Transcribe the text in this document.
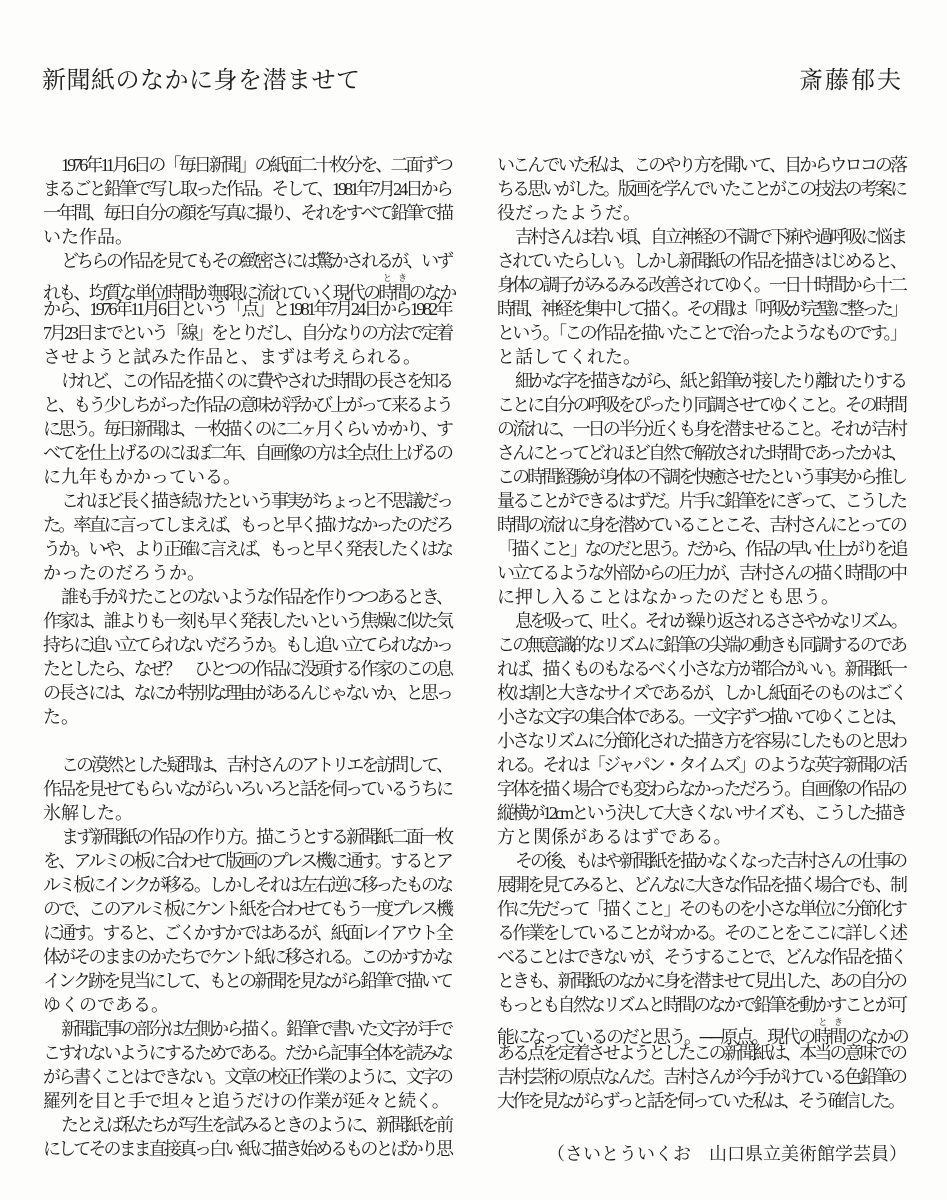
新聞紙のなかに身を潜ませて	斎藤郁夫
1976年11月6日の「毎日新聞」の紙面二十枚分を、二面ずつ
まるごと鉛筆で写し取った作品。そして、1981年7月24日から
一年間、毎日自分の顔を写真に撮り、それをすべて鉛筆で描
いた作品。
どちらの作品を見てもその緻密さには驚かされるが、いず
れも、均質な単位時間が無限に流れていく現代の時間ときのなか
から、1976年11月6日という「点」と1981年7月24日から1982年
7月23日までという「線」をとりだし、自分なりの方法で定着
させようと試みた作品と、まずは考えられる。
けれど、この作品を描くのに費やされた時間の長さを知る
と、もう少しちがった作品の意味が浮かび上がって来るよう
に思う。毎日新聞は、一枚描くのに二ヶ月くらいかかり、す
べてを仕上げるのにほぼ二年、自画像の方は全点仕上げるの
に九年もかかっている。
これほど長く描き続けたという事実がちょっと不思議だっ
た。率直に言ってしまえば、もっと早く描けなかったのだろ
うか。いや、より正確に言えば、もっと早く発表したくはな
かったのだろうか。
誰も手がけたことのないような作品を作りつつあるとき、
作家は、誰よりも一刻も早く発表したいという焦燥に似た気
持ちに追い立てられないだろうか。もし追い立てられなかっ
たとしたら、なぜ？　ひとつの作品に没頭する作家のこの息
の長さには、なにか特別な理由があるんじゃないか、と思っ
た。
この漠然とした疑問は、吉村さんのアトリエを訪問して、
作品を見せてもらいながらいろいろと話を伺っているうちに
氷解した。
まず新聞紙の作品の作り方。描こうとする新聞紙二面一枚
を、アルミの板に合わせて版画のプレス機に通す。するとア
ルミ板にインクが移る。しかしそれは左右逆に移ったものな
ので、このアルミ板にケント紙を合わせてもう一度プレス機
に通す。すると、ごくかすかではあるが、紙面レイアウト全
体がそのままのかたちでケント紙に移される。このかすかな
インク跡を見当にして、もとの新聞を見ながら鉛筆で描いて
ゆくのである。
新聞記事の部分は左側から描く。鉛筆で書いた文字が手で
こすれないようにするためである。だから記事全体を読みな
がら書くことはできない。文章の校正作業のように、文字の
羅列を目と手で坦々と追うだけの作業が延々と続く。
たとえば私たちが写生を試みるときのように、新聞紙を前
にしてそのまま直接真っ白い紙に描き始めるものとばかり思
いこんでいた私は、このやり方を聞いて、目からウロコの落
ちる思いがした。版画を学んでいたことがこの技法の考案に
役だったようだ。
吉村さんは若い頃、自立神経の不調で下痢や過呼吸に悩ま
されていたらしい。しかし新聞紙の作品を描きはじめると、
身体の調子がみるみる改善されてゆく。一日十時間から十二
時間、神経を集中して描く。その間は「呼吸が完璧に整った」
という。「この作品を描いたことで治ったようなものです。」
と話してくれた。
細かな字を描きながら、紙と鉛筆が接したり離れたりする
ことに自分の呼吸をぴったり同調させてゆくこと。その時間
の流れに、一日の半分近くも身を潜ませること。それが吉村
さんにとってどれほど自然で解放された時間であったかは、
この時間経験が身体の不調を快癒させたという事実から推し
量ることができるはずだ。片手に鉛筆をにぎって、こうした
時間の流れに身を潜めていることこそ、吉村さんにとっての
「描くこと」なのだと思う。だから、作品の早い仕上がりを追
い立てるような外部からの圧力が、吉村さんの描く時間の中
に押し入ることはなかったのだとも思う。
息を吸って、吐く。それが繰り返されるささやかなリズム。
この無意識的なリズムに鉛筆の尖端の動きも同調するのであ
れば、描くものもなるべく小さな方が都合がいい。新聞紙一
枚は割と大きなサイズであるが、しかし紙面そのものはごく
小さな文字の集合体である。一文字ずつ描いてゆくことは、
小さなリズムに分節化された描き方を容易にしたものと思わ
れる。それは「ジャパン・タイムズ」のような英字新聞の活
字体を描く場合でも変わらなかっただろう。自画像の作品の
縦横が12cmという決して大きくないサイズも、こうした描き
方と関係があるはずである。
その後、もはや新聞紙を描かなくなった吉村さんの仕事の
展開を見てみると、どんなに大きな作品を描く場合でも、制
作に先だって「描くこと」そのものを小さな単位に分節化す
る作業をしていることがわかる。そのことをここに詳しく述
べることはできないが、そうすることで、どんな作品を描く
ときも、新聞紙のなかに身を潜ませて見出した、あの自分の
もっとも自然なリズムと時間のなかで鉛筆を動かすことが可
能になっているのだと思う。──原点。現代の時間ときのなかの
ある点を定着させようとしたこの新聞紙は、本当の意味での
吉村芸術の原点なんだ。吉村さんが今手がけている色鉛筆の
大作を見ながらずっと話を伺っていた私は、そう確信した。
（さいとういくお　山口県立美術館学芸員）
